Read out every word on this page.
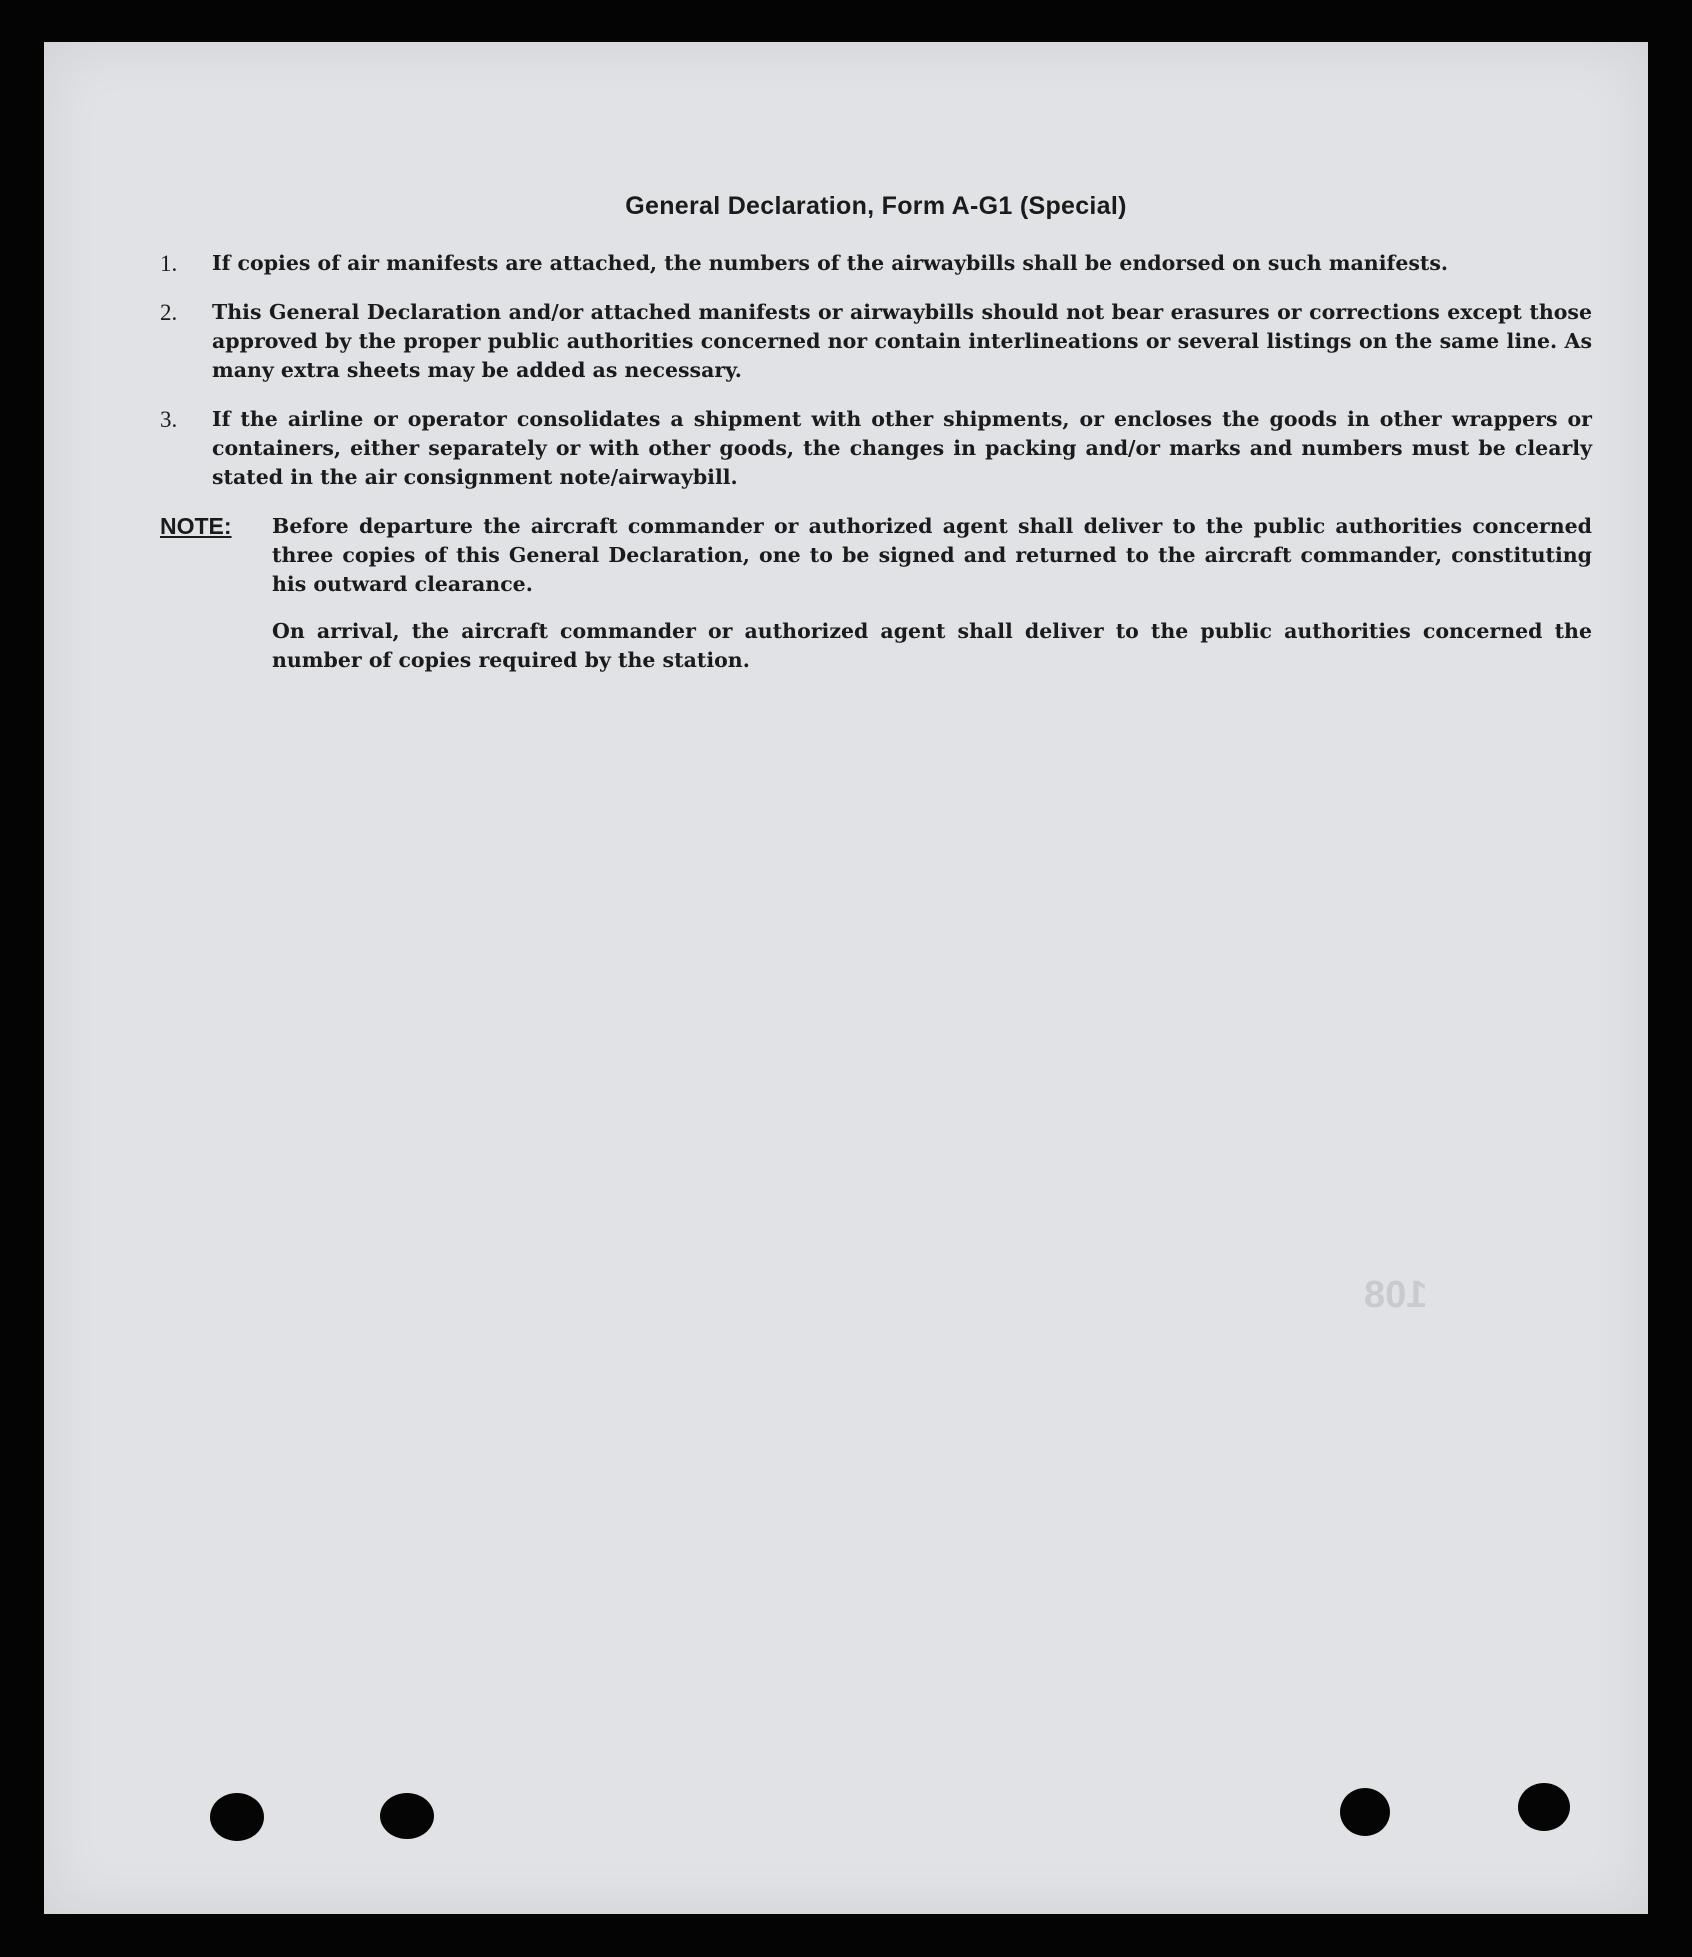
108
General Declaration, Form A-G1 (Special)
1.	If copies of air manifests are attached, the numbers of the airwaybills shall be endorsed on such manifests.
2.	This General Declaration and/or attached manifests or airwaybills should not bear erasures or corrections except those approved by the proper public authorities concerned nor contain interlineations or several listings on the same line. As many extra sheets may be added as necessary.
3.	If the airline or operator consolidates a shipment with other shipments, or encloses the goods in other wrappers or containers, either separately or with other goods, the changes in packing and/or marks and numbers must be clearly stated in the air consignment note/airwaybill.
NOTE:	Before departure the aircraft commander or authorized agent shall deliver to the public authorities concerned three copies of this General Declaration, one to be signed and returned to the aircraft commander, constituting his outward clearance.
On arrival, the aircraft commander or authorized agent shall deliver to the public authorities concerned the number of copies required by the station.
